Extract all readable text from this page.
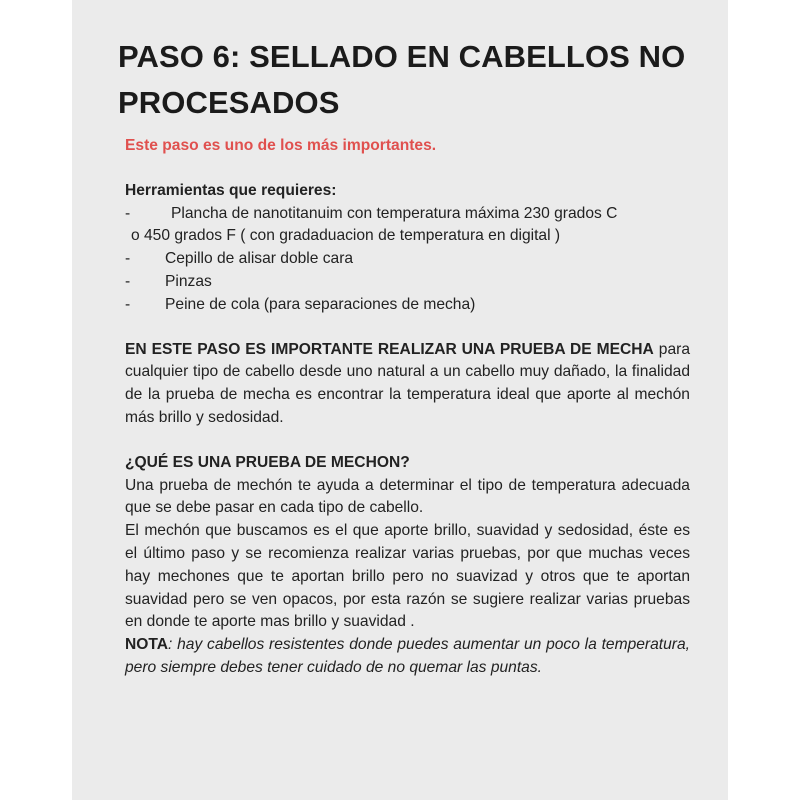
PASO 6: SELLADO EN CABELLOS NO PROCESADOS

Este paso es uno de los más importantes.

Herramientas que requieres:

-	Plancha de nanotitanuim con temperatura máxima 230 grados C
o 450 grados F ( con gradaduacion de temperatura en digital )
-	Cepillo de alisar doble cara
-	Pinzas
-	Peine de cola (para separaciones de mecha)

EN ESTE PASO ES IMPORTANTE REALIZAR UNA PRUEBA DE MECHA para cualquier tipo de cabello desde uno natural a un cabello muy dañado, la finalidad de la prueba de mecha es encontrar la temperatura ideal que aporte al mechón más brillo y sedosidad.

¿QUÉ ES UNA PRUEBA DE MECHON?

Una prueba de mechón te ayuda a determinar el tipo de temperatura adecuada que se debe pasar en cada tipo de cabello.

El mechón que buscamos es el que aporte brillo, suavidad y sedosidad, éste es el último paso y se recomienza realizar varias pruebas, por que muchas veces hay mechones que te aportan brillo pero no suavizad y otros que te aportan suavidad pero se ven opacos, por esta razón se sugiere realizar varias pruebas en donde te aporte mas brillo y suavidad .

NOTA: hay cabellos resistentes donde puedes aumentar un poco la temperatura, pero siempre debes tener cuidado de no quemar las puntas.
